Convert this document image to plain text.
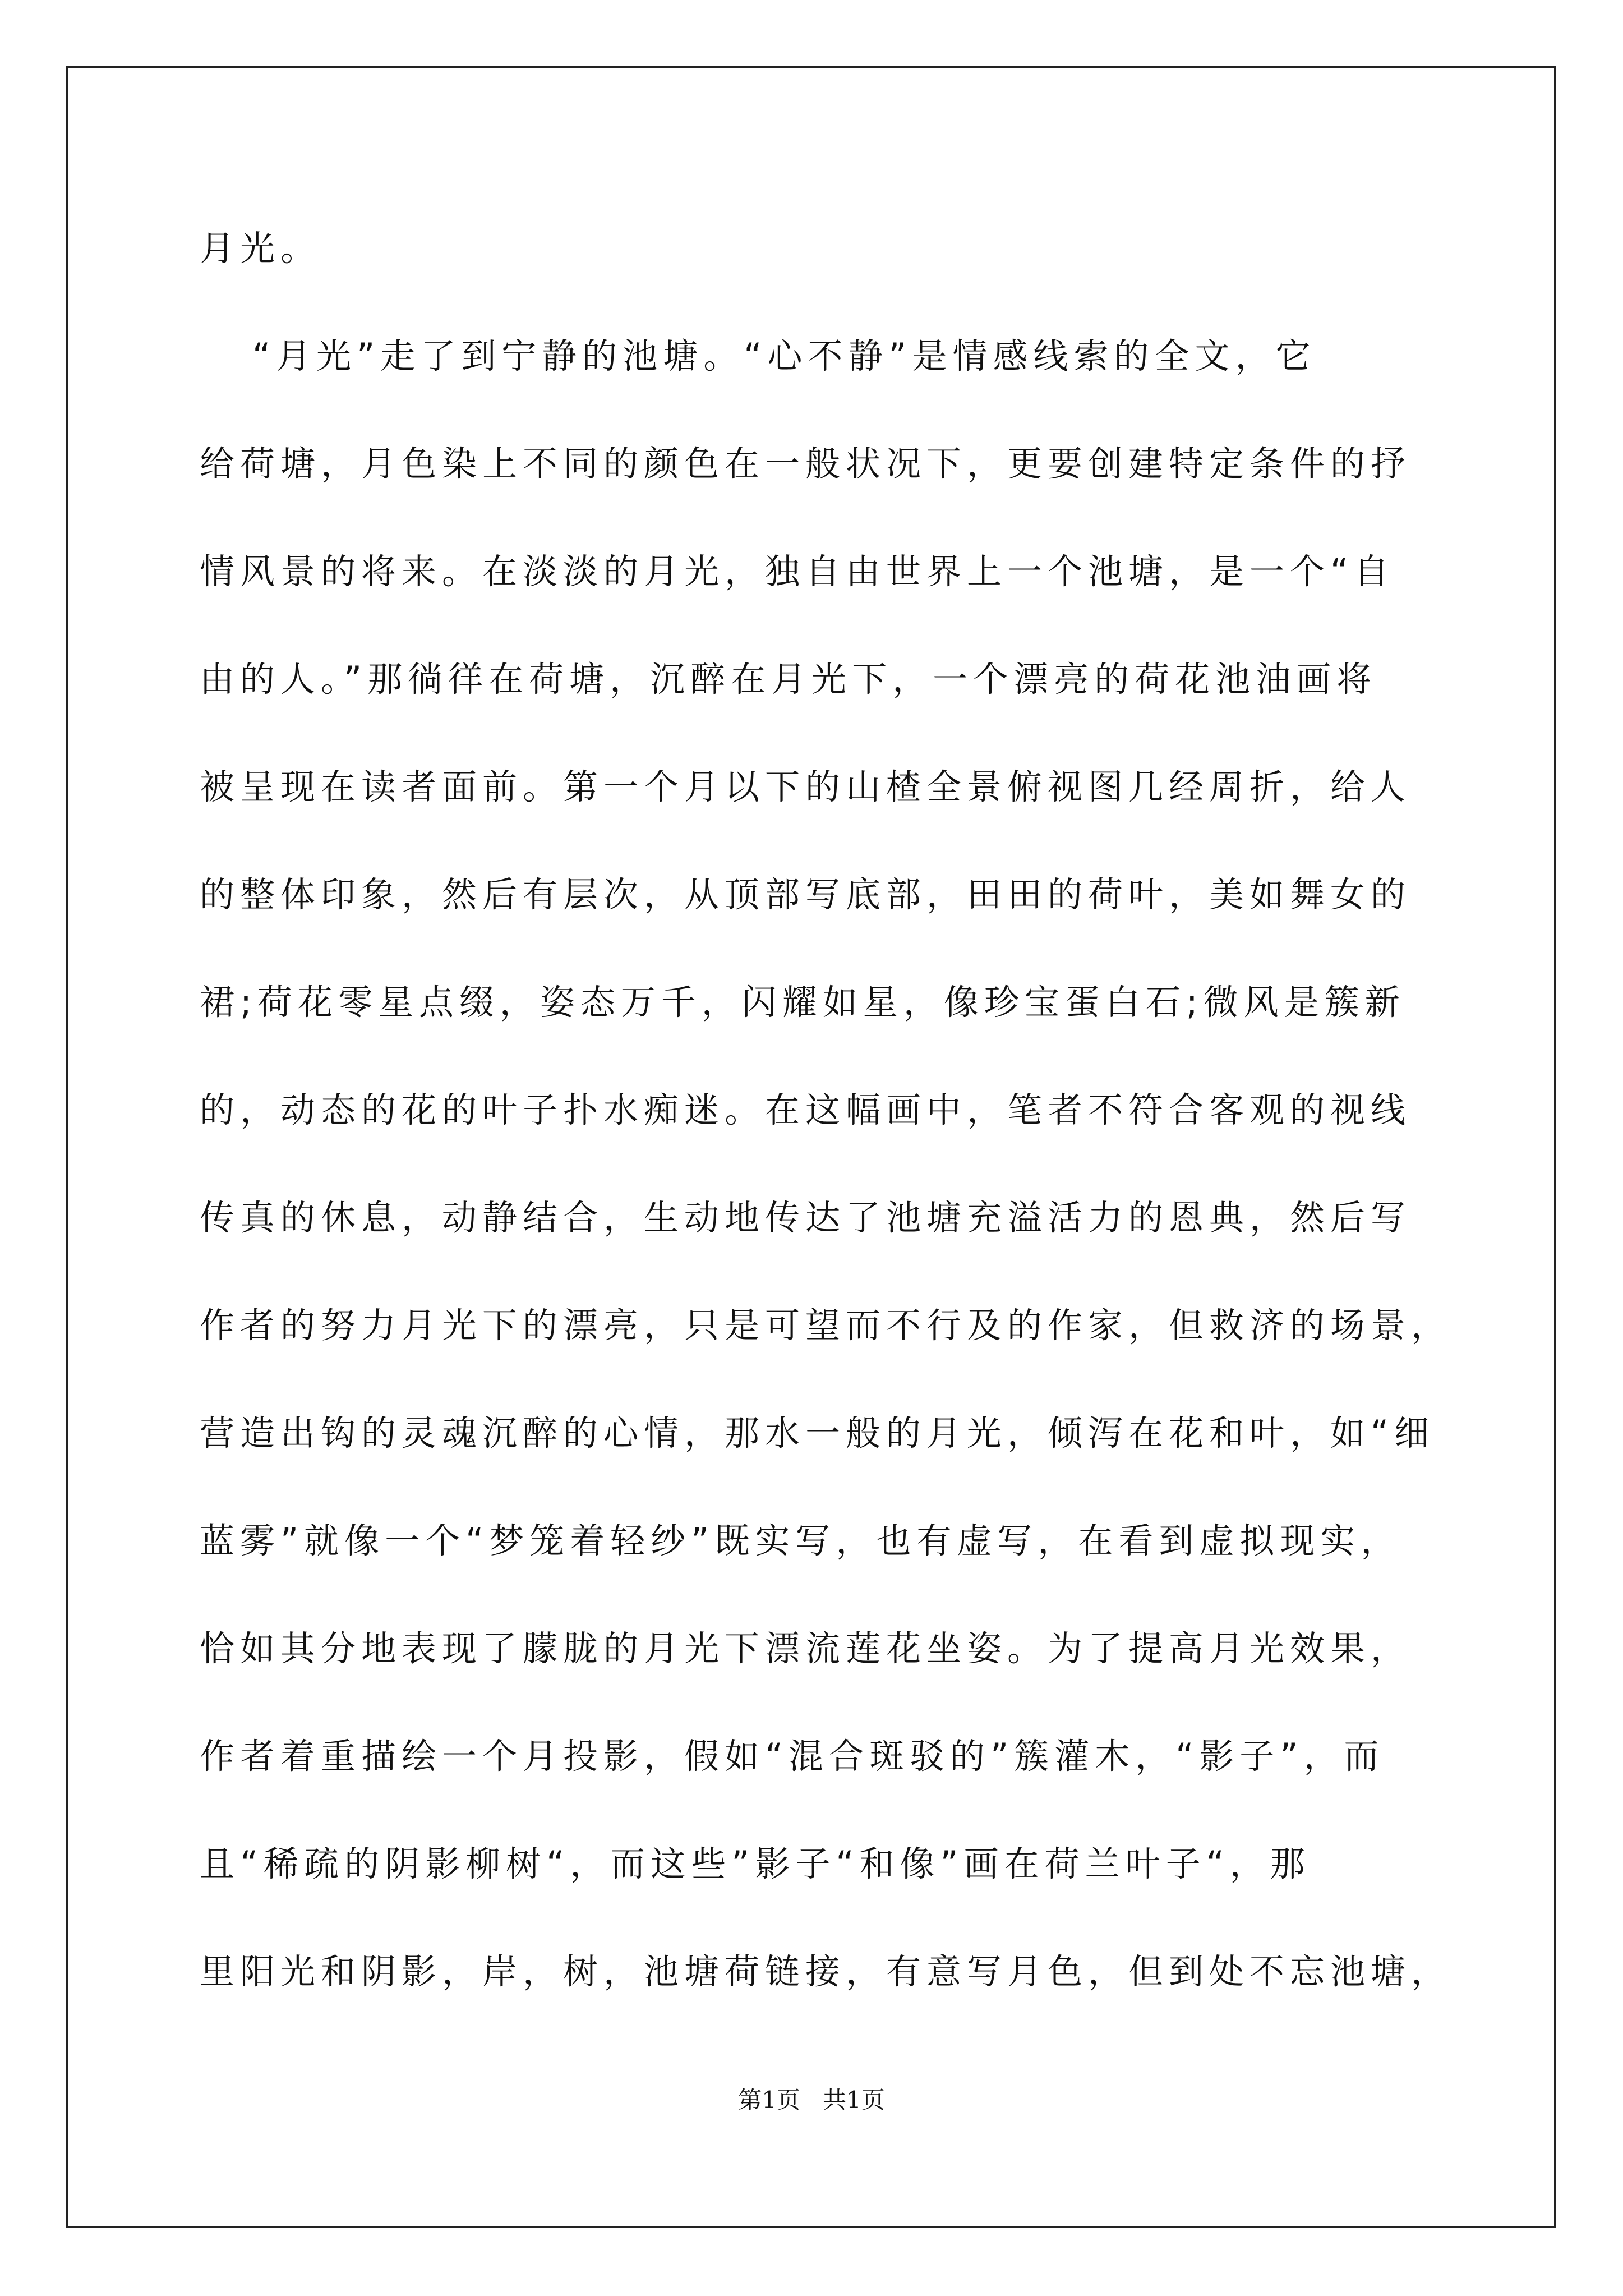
月光。
“月光”走了到宁静的池塘。“心不静”是情感线索的全文，它
给荷塘，月色染上不同的颜色在一般状况下，更要创建特定条件的抒
情风景的将来。在淡淡的月光，独自由世界上一个池塘，是一个“自
由的人。”那徜徉在荷塘，沉醉在月光下，一个漂亮的荷花池油画将
被呈现在读者面前。第一个月以下的山楂全景俯视图几经周折，给人
的整体印象，然后有层次，从顶部写底部，田田的荷叶，美如舞女的
裙;荷花零星点缀，姿态万千，闪耀如星，像珍宝蛋白石;微风是簇新
的，动态的花的叶子扑水痴迷。在这幅画中，笔者不符合客观的视线
传真的休息，动静结合，生动地传达了池塘充溢活力的恩典，然后写
作者的努力月光下的漂亮，只是可望而不行及的作家，但救济的场景，
营造出钩的灵魂沉醉的心情，那水一般的月光，倾泻在花和叶，如“细
蓝雾”就像一个“梦笼着轻纱”既实写，也有虚写，在看到虚拟现实，
恰如其分地表现了朦胧的月光下漂流莲花坐姿。为了提高月光效果，
作者着重描绘一个月投影，假如“混合斑驳的”簇灌木，“影子”，而
且“稀疏的阴影柳树“，而这些”影子“和像”画在荷兰叶子“，那
里阳光和阴影，岸，树，池塘荷链接，有意写月色，但到处不忘池塘，
第1页   共1页
